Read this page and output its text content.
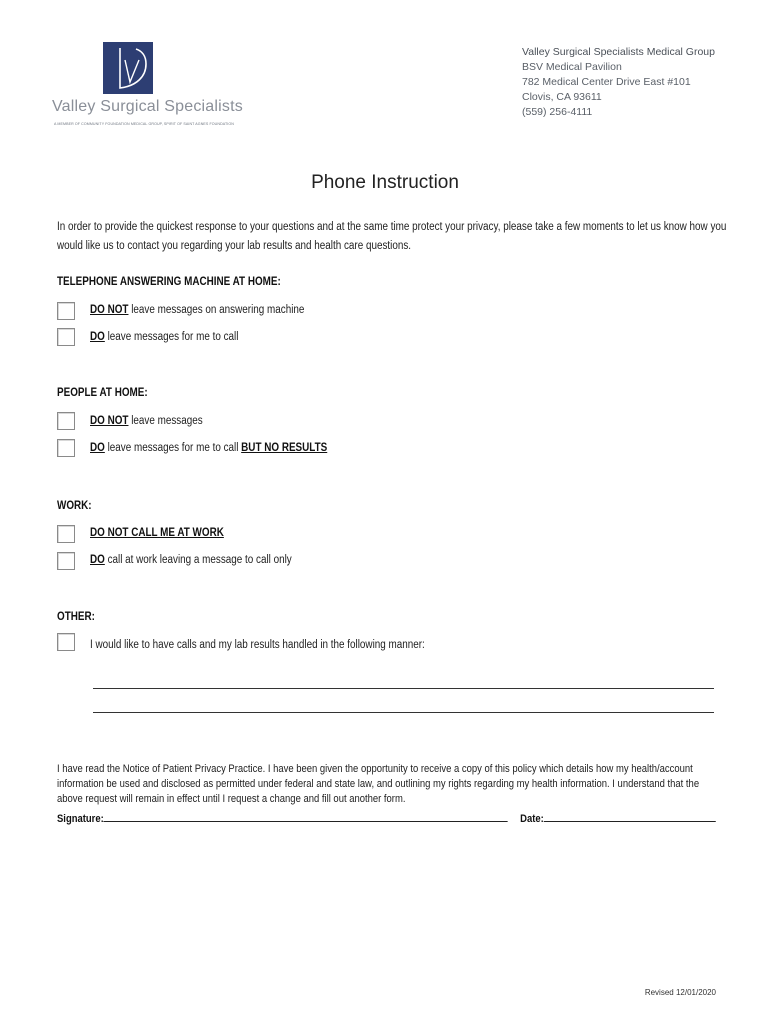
Valley Surgical Specialists
A MEMBER OF COMMUNITY FOUNDATION MEDICAL GROUP, SPIRIT OF SAINT AGNES FOUNDATION
Valley Surgical Specialists Medical Group
BSV Medical Pavilion
782 Medical Center Drive East #101
Clovis, CA 93611
(559) 256-4111
Phone Instruction
In order to provide the quickest response to your questions and at the same time protect your privacy, please take a few moments to let us know how you would like us to contact you regarding your lab results and health care questions.
TELEPHONE ANSWERING MACHINE AT HOME:
DO NOT leave messages on answering machine
DO leave messages for me to call
PEOPLE AT HOME:
DO NOT leave messages
DO leave messages for me to call BUT NO RESULTS
WORK:
DO NOT CALL ME AT WORK
DO call at work leaving a message to call only
OTHER:
I would like to have calls and my lab results handled in the following manner:
I have read the Notice of Patient Privacy Practice. I have been given the opportunity to receive a copy of this policy which details how my health/account information be used and disclosed as permitted under federal and state law, and outlining my rights regarding my health information. I understand that the above request will remain in effect until I request a change and fill out another form.
Signature:	Date:
Revised 12/01/2020
